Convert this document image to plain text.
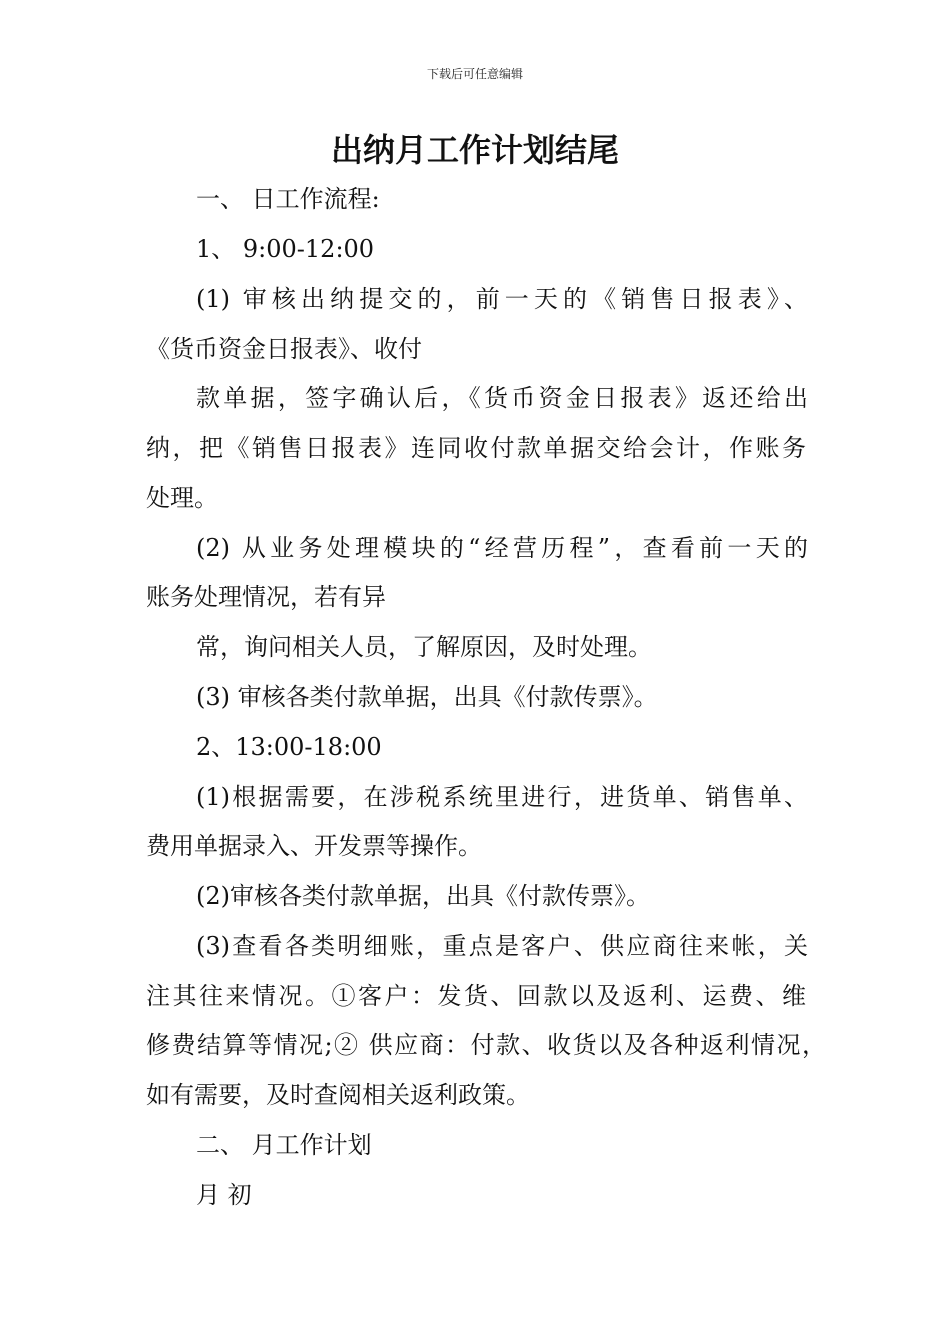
下载后可任意编辑
出纳月工作计划结尾
一、 日工作流程:
1、 9:00-12:00
(1) 审核出纳提交的，前一天的《销售日报表》、
《货币资金日报表》、收付
款单据，签字确认后，《货币资金日报表》返还给出
纳，把《销售日报表》连同收付款单据交给会计，作账务
处理。
(2) 从业务处理模块的“经营历程”，查看前一天的
账务处理情况，若有异
常，询问相关人员，了解原因，及时处理。
(3) 审核各类付款单据，出具《付款传票》。
2、13:00-18:00
(1)根据需要，在涉税系统里进行，进货单、销售单、
费用单据录入、开发票等操作。
(2)审核各类付款单据，出具《付款传票》。
(3)查看各类明细账，重点是客户、供应商往来帐，关
注其往来情况。①客户：发货、回款以及返利、运费、维
修费结算等情况;② 供应商：付款、收货以及各种返利情况，
如有需要，及时查阅相关返利政策。
二、 月工作计划
月 初
